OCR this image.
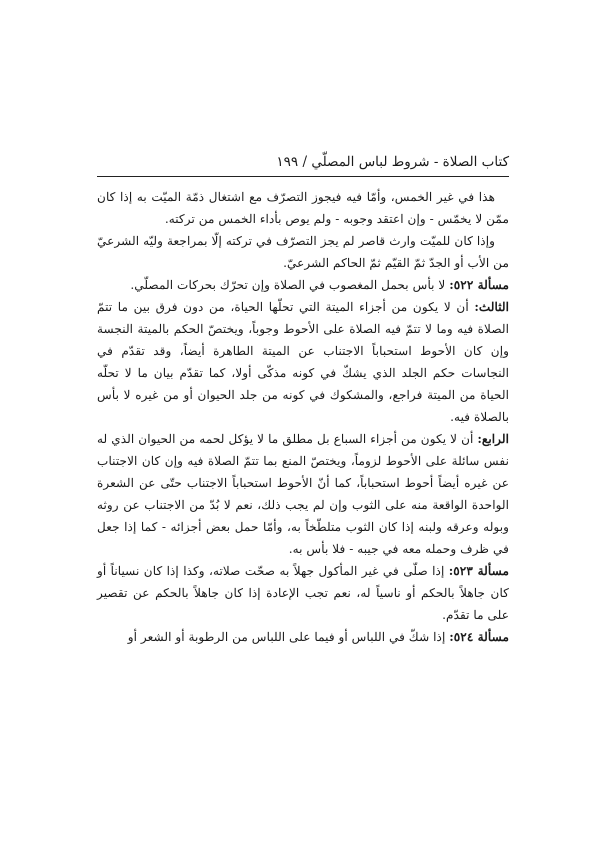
كتاب الصلاة - شروط لباس المصلّي / ١٩٩

هذا في غير الخمس، وأمّا فيه فيجوز التصرّف مع اشتغال ذمّة الميّت به إذا كان ممّن لا يخمّس - وإن اعتقد وجوبه - ولم يوص بأداء الخمس من تركته.

وإذا كان للميّت وارث قاصر لم يجز التصرّف في تركته إلّا بمراجعة وليّه الشرعيّ من الأب أو الجدّ ثمّ القيّم ثمّ الحاكم الشرعيّ.

مسألة ٥٢٢: لا بأس بحمل المغصوب في الصلاة وإن تحرّك بحركات المصلّي.

الثالث: أن لا يكون من أجزاء الميتة التي تحلّها الحياة، من دون فرق بين ما تتمّ الصلاة فيه وما لا تتمّ فيه الصلاة على الأحوط وجوباً، ويختصّ الحكم بالميتة النجسة وإن كان الأحوط استحباباً الاجتناب عن الميتة الطاهرة أيضاً، وقد تقدّم في النجاسات حكم الجلد الذي يشكّ في كونه مذكّى أولا، كما تقدّم بيان ما لا تحلّه الحياة من الميتة فراجع، والمشكوك في كونه من جلد الحيوان أو من غيره لا بأس بالصلاة فيه.

الرابع: أن لا يكون من أجزاء السباع بل مطلق ما لا يؤكل لحمه من الحيوان الذي له نفس سائلة على الأحوط لزوماً، ويختصّ المنع بما تتمّ الصلاة فيه وإن كان الاجتناب عن غيره أيضاً أحوط استحباباً، كما أنّ الأحوط استحباباً الاجتناب حتّى عن الشعرة الواحدة الواقعة منه على الثوب وإن لم يجب ذلك، نعم لا بُدّ من الاجتناب عن روثه وبوله وعرقه ولبنه إذا كان الثوب متلطّخاً به، وأمّا حمل بعض أجزائه - كما إذا جعل في ظرف وحمله معه في جيبه - فلا بأس به.

مسألة ٥٢٣: إذا صلّى في غير المأكول جهلاً به صحّت صلاته، وكذا إذا كان نسياناً أو كان جاهلاً بالحكم أو ناسياً له، نعم تجب الإعادة إذا كان جاهلاً بالحكم عن تقصير على ما تقدّم.

مسألة ٥٢٤: إذا شكّ في اللباس أو فيما على اللباس من الرطوبة أو الشعر أو
